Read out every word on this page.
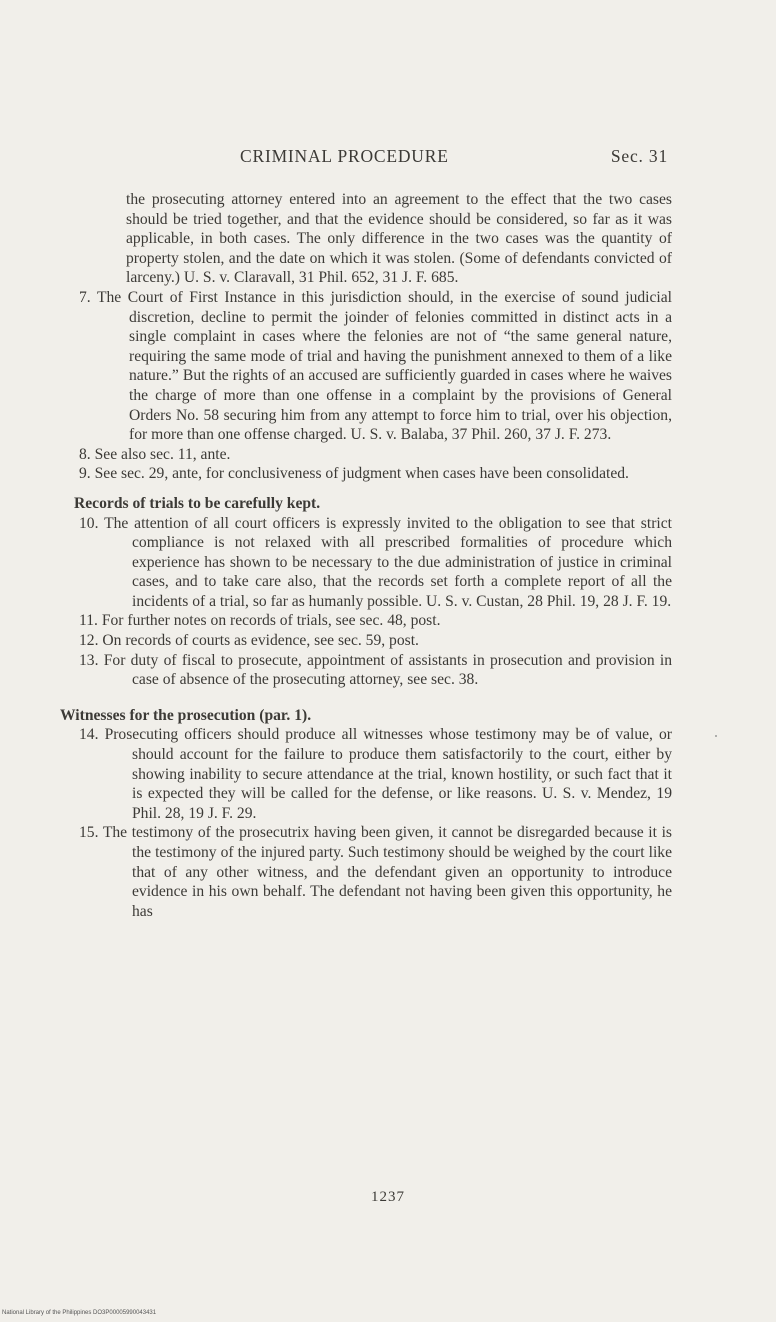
CRIMINAL PROCEDURE	Sec. 31

the prosecuting attorney entered into an agreement to the effect that the two cases should be tried together, and that the evidence should be considered, so far as it was applicable, in both cases. The only difference in the two cases was the quantity of property stolen, and the date on which it was stolen. (Some of defendants convicted of larceny.) U. S. v. Claravall, 31 Phil. 652, 31 J. F. 685.

7. The Court of First Instance in this jurisdiction should, in the exercise of sound judicial discretion, decline to permit the joinder of felonies committed in distinct acts in a single complaint in cases where the felonies are not of “the same general nature, requiring the same mode of trial and having the punishment annexed to them of a like nature.” But the rights of an accused are sufficiently guarded in cases where he waives the charge of more than one offense in a complaint by the provisions of General Orders No. 58 securing him from any attempt to force him to trial, over his objection, for more than one offense charged. U. S. v. Balaba, 37 Phil. 260, 37 J. F. 273.

8. See also sec. 11, ante.

9. See sec. 29, ante, for conclusiveness of judgment when cases have been consolidated.

Records of trials to be carefully kept.

10. The attention of all court officers is expressly invited to the obligation to see that strict compliance is not relaxed with all prescribed formalities of procedure which experience has shown to be necessary to the due administration of justice in criminal cases, and to take care also, that the records set forth a complete report of all the incidents of a trial, so far as humanly possible. U. S. v. Custan, 28 Phil. 19, 28 J. F. 19.

11. For further notes on records of trials, see sec. 48, post.

12. On records of courts as evidence, see sec. 59, post.

13. For duty of fiscal to prosecute, appointment of assistants in prosecution and provision in case of absence of the prosecuting attorney, see sec. 38.

Witnesses for the prosecution (par. 1).

14. Prosecuting officers should produce all witnesses whose testimony may be of value, or should account for the failure to produce them satisfactorily to the court, either by showing inability to secure attendance at the trial, known hostility, or such fact that it is expected they will be called for the defense, or like reasons. U. S. v. Mendez, 19 Phil. 28, 19 J. F. 29.

15. The testimony of the prosecutrix having been given, it cannot be disregarded because it is the testimony of the injured party. Such testimony should be weighed by the court like that of any other witness, and the defendant given an opportunity to introduce evidence in his own behalf. The defendant not having been given this opportunity, he has

1237
National Library of the Philippines DO3P00005990043431
